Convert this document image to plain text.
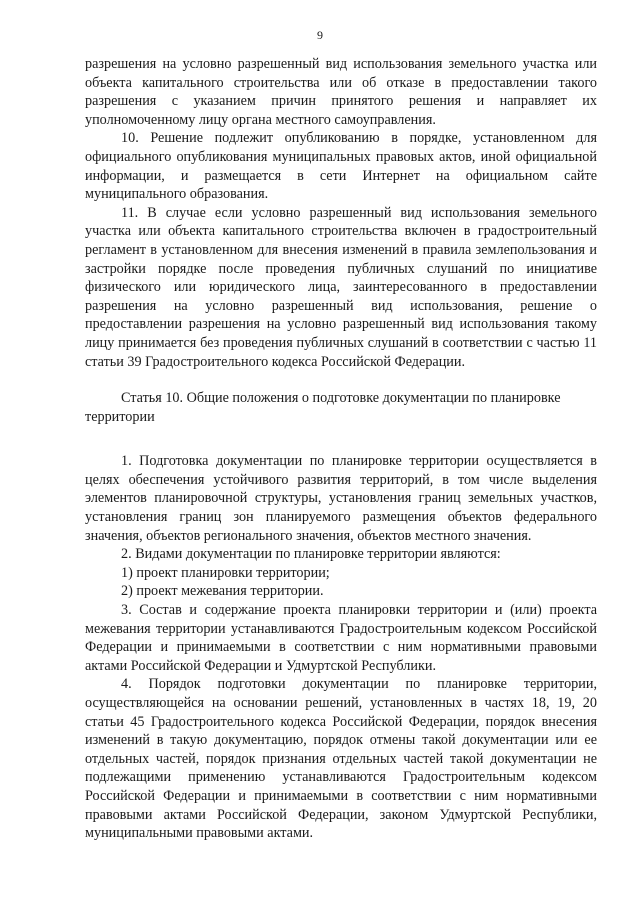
9

разрешения на условно разрешенный вид использования земельного участка или объекта капитального строительства или об отказе в предоставлении такого разрешения с указанием причин принятого решения и направляет их уполномоченному лицу органа местного самоуправления.

10. Решение подлежит опубликованию в порядке, установленном для официального опубликования муниципальных правовых актов, иной официальной информации, и размещается в сети Интернет на официальном сайте муниципального образования.

11. В случае если условно разрешенный вид использования земельного участка или объекта капитального строительства включен в градостроительный регламент в установленном для внесения изменений в правила землепользования и застройки порядке после проведения публичных слушаний по инициативе физического или юридического лица, заинтересованного в предоставлении разрешения на условно разрешенный вид использования, решение о предоставлении разрешения на условно разрешенный вид использования такому лицу принимается без проведения публичных слушаний в соответствии с частью 11 статьи 39 Градостроительного кодекса Российской Федерации.

Статья 10. Общие положения о подготовке документации по планировке территории

1. Подготовка документации по планировке территории осуществляется в целях обеспечения устойчивого развития территорий, в том числе выделения элементов планировочной структуры, установления границ земельных участков, установления границ зон планируемого размещения объектов федерального значения, объектов регионального значения, объектов местного значения.

2. Видами документации по планировке территории являются:

1) проект планировки территории;

2) проект межевания территории.

3. Состав и содержание проекта планировки территории и (или) проекта межевания территории устанавливаются Градостроительным кодексом Российской Федерации и принимаемыми в соответствии с ним нормативными правовыми актами Российской Федерации и Удмуртской Республики.

4. Порядок подготовки документации по планировке территории, осуществляющейся на основании решений, установленных в частях 18, 19, 20 статьи 45 Градостроительного кодекса Российской Федерации, порядок внесения изменений в такую документацию, порядок отмены такой документации или ее отдельных частей, порядок признания отдельных частей такой документации не подлежащими применению устанавливаются Градостроительным кодексом Российской Федерации и принимаемыми в соответствии с ним нормативными правовыми актами Российской Федерации, законом Удмуртской Республики, муниципальными правовыми актами.
